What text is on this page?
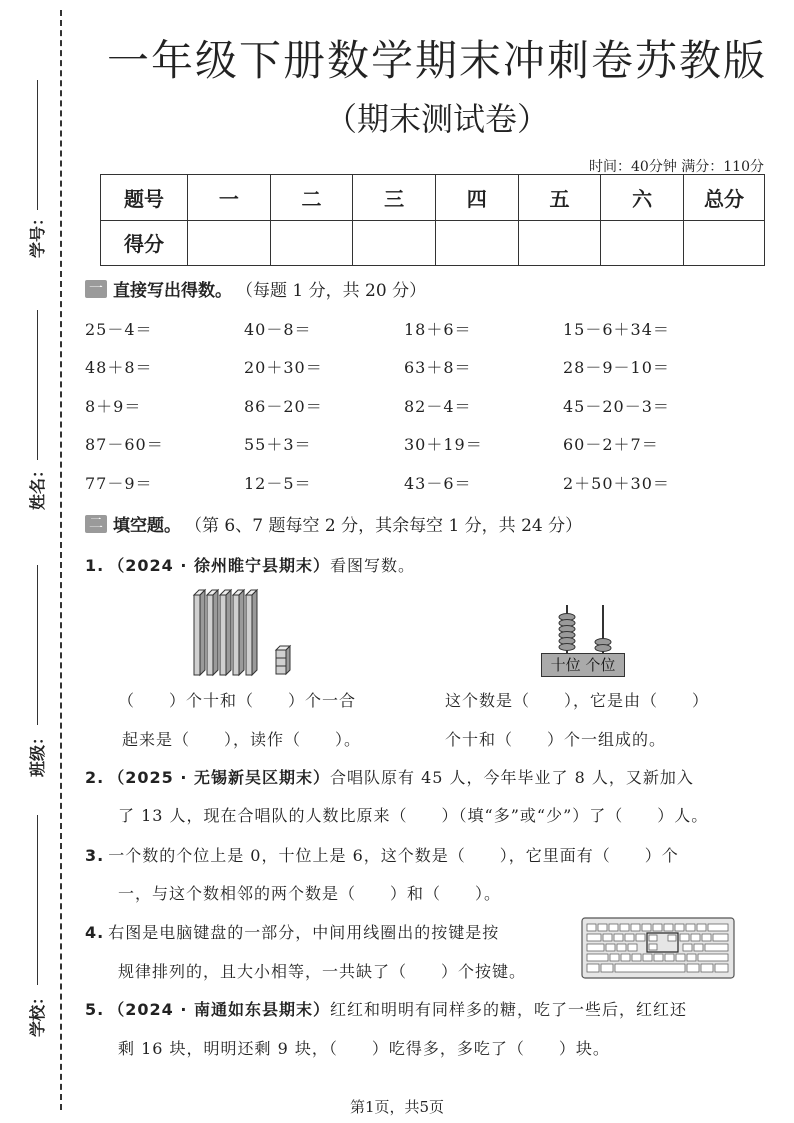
学号：
姓名：
班级：
学校：
一年级下册数学期末冲刺卷苏教版
（期末测试卷）
时间：40分钟 满分：110分
题号	一	二	三	四	五	六	总分
得分							
一 直接写出得数。 （每题 1 分，共 20 分）
25－4＝	40－8＝	18＋6＝	15－6＋34＝
48＋8＝	20＋30＝	63＋8＝	28－9－10＝
8＋9＝	86－20＝	82－4＝	45－20－3＝
87－60＝	55＋3＝	30＋19＝	60－2＋7＝
77－9＝	12－5＝	43－6＝	2＋50＋30＝
二 填空题。 （第 6、7 题每空 2 分，其余每空 1 分，共 24 分）
1. （2024 · 徐州睢宁县期末）看图写数。
十位 个位
（　　）个十和（　　）个一合
起来是（　　），读作（　　）。
这个数是（　　），它是由（　　）
个十和（　　）个一组成的。
2. （2025 · 无锡新吴区期末）合唱队原有 45 人，今年毕业了 8 人，又新加入
了 13 人，现在合唱队的人数比原来（　　）（填“多”或“少”）了（　　）人。
3. 一个数的个位上是 0，十位上是 6，这个数是（　　），它里面有（　　）个
一，与这个数相邻的两个数是（　　）和（　　）。
4. 右图是电脑键盘的一部分，中间用线圈出的按键是按
规律排列的，且大小相等，一共缺了（　　）个按键。
5. （2024 · 南通如东县期末）红红和明明有同样多的糖，吃了一些后，红红还
剩 16 块，明明还剩 9 块，（　　）吃得多，多吃了（　　）块。
第1页，共5页
